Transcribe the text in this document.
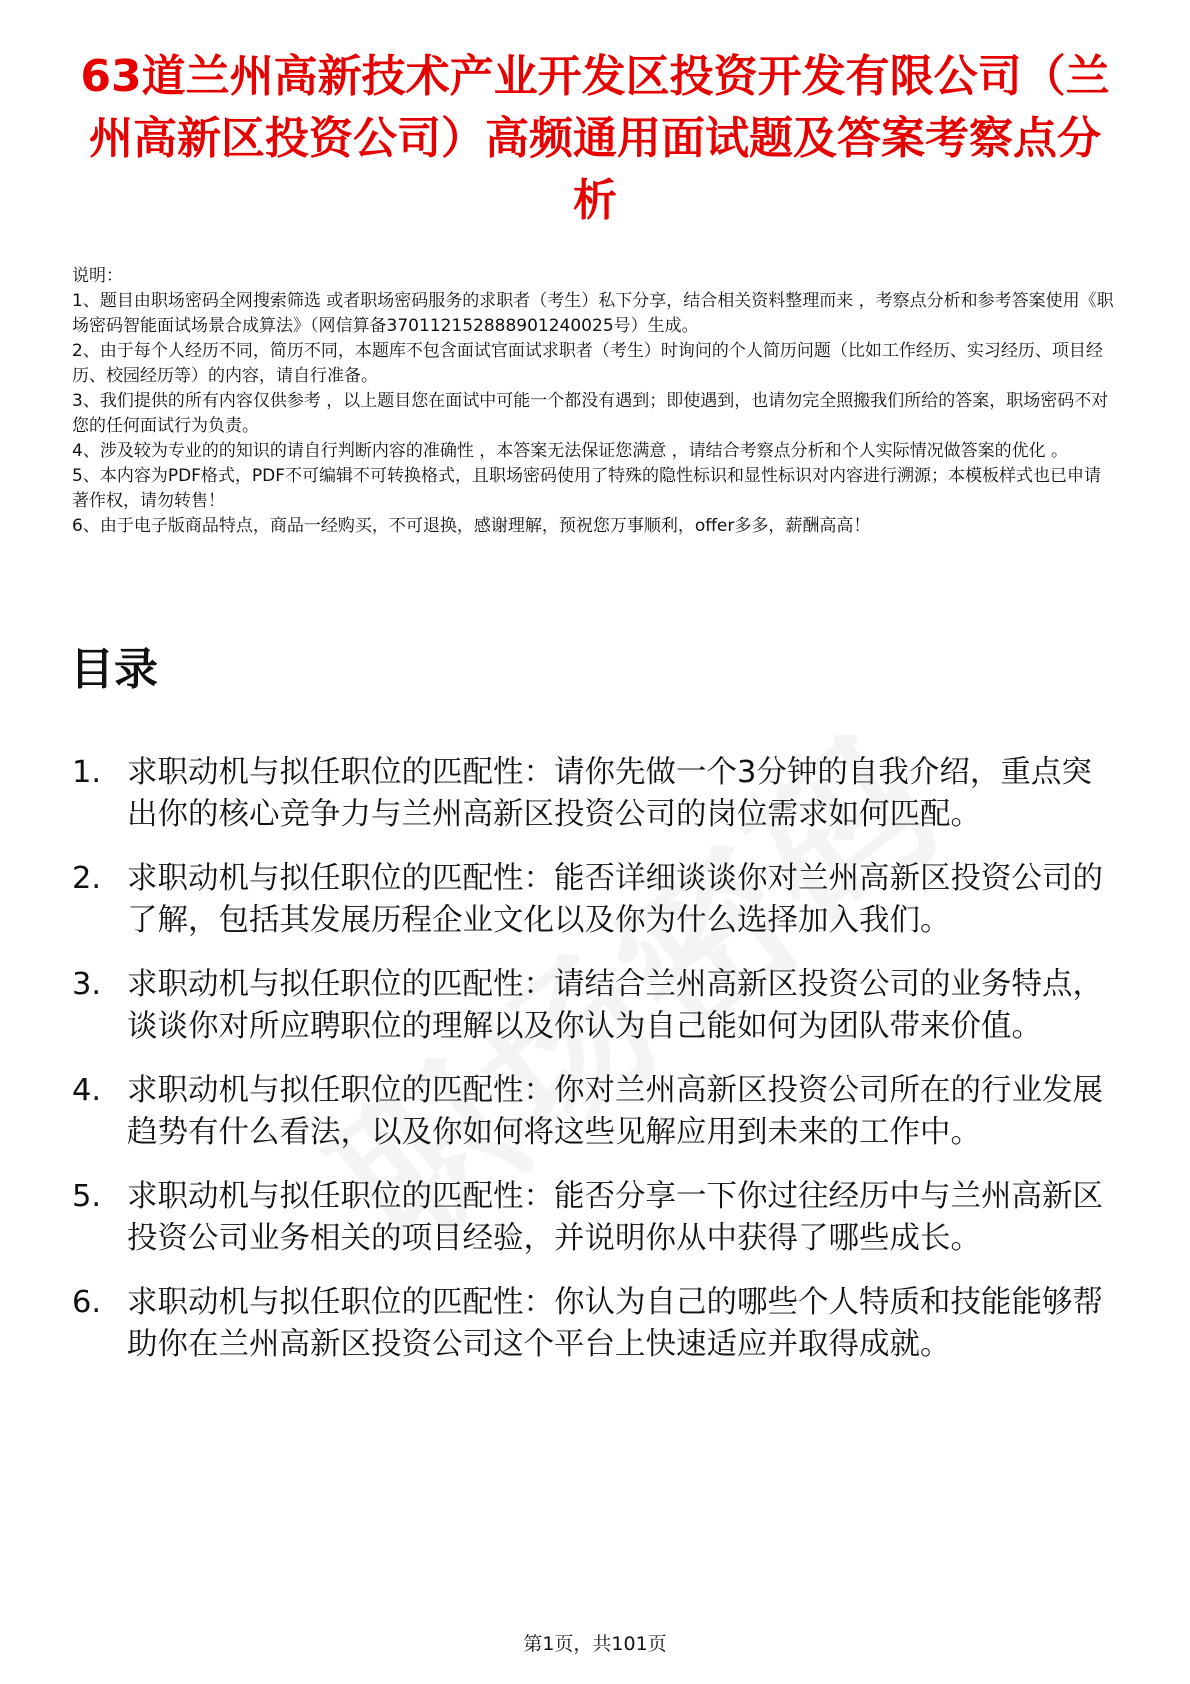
63道兰州高新技术产业开发区投资开发有限公司（兰州高新区投资公司）高频通用面试题及答案考察点分析

说明：

1、题目由职场密码全网搜索筛选 或者职场密码服务的求职者（考生）私下分享，结合相关资料整理而来 ，考察点分析和参考答案使用《职场密码智能面试场景合成算法》（网信算备370112152888901240025号）生成。

2、由于每个人经历不同，简历不同，本题库不包含面试官面试求职者（考生）时询问的个人简历问题（比如工作经历、实习经历、项目经历、校园经历等）的内容，请自行准备。

3、我们提供的所有内容仅供参考 ，以上题目您在面试中可能一个都没有遇到；即使遇到，也请勿完全照搬我们所给的答案，职场密码不对您的任何面试行为负责。

4、涉及较为专业的的知识的请自行判断内容的准确性 ，本答案无法保证您满意 ，请结合考察点分析和个人实际情况做答案的优化 。

5、本内容为PDF格式，PDF不可编辑不可转换格式，且职场密码使用了特殊的隐性标识和显性标识对内容进行溯源；本模板样式也已申请著作权，请勿转售！

6、由于电子版商品特点，商品一经购买，不可退换，感谢理解，预祝您万事顺利，offer多多，薪酬高高！

目录
1. 求职动机与拟任职位的匹配性：请你先做一个3分钟的自我介绍，重点突出你的核心竞争力与兰州高新区投资公司的岗位需求如何匹配。
2. 求职动机与拟任职位的匹配性：能否详细谈谈你对兰州高新区投资公司的了解，包括其发展历程企业文化以及你为什么选择加入我们。
3. 求职动机与拟任职位的匹配性：请结合兰州高新区投资公司的业务特点，谈谈你对所应聘职位的理解以及你认为自己能如何为团队带来价值。
4. 求职动机与拟任职位的匹配性：你对兰州高新区投资公司所在的行业发展趋势有什么看法，以及你如何将这些见解应用到未来的工作中。
5. 求职动机与拟任职位的匹配性：能否分享一下你过往经历中与兰州高新区投资公司业务相关的项目经验，并说明你从中获得了哪些成长。
6. 求职动机与拟任职位的匹配性：你认为自己的哪些个人特质和技能能够帮助你在兰州高新区投资公司这个平台上快速适应并取得成就。
第1页，共101页
